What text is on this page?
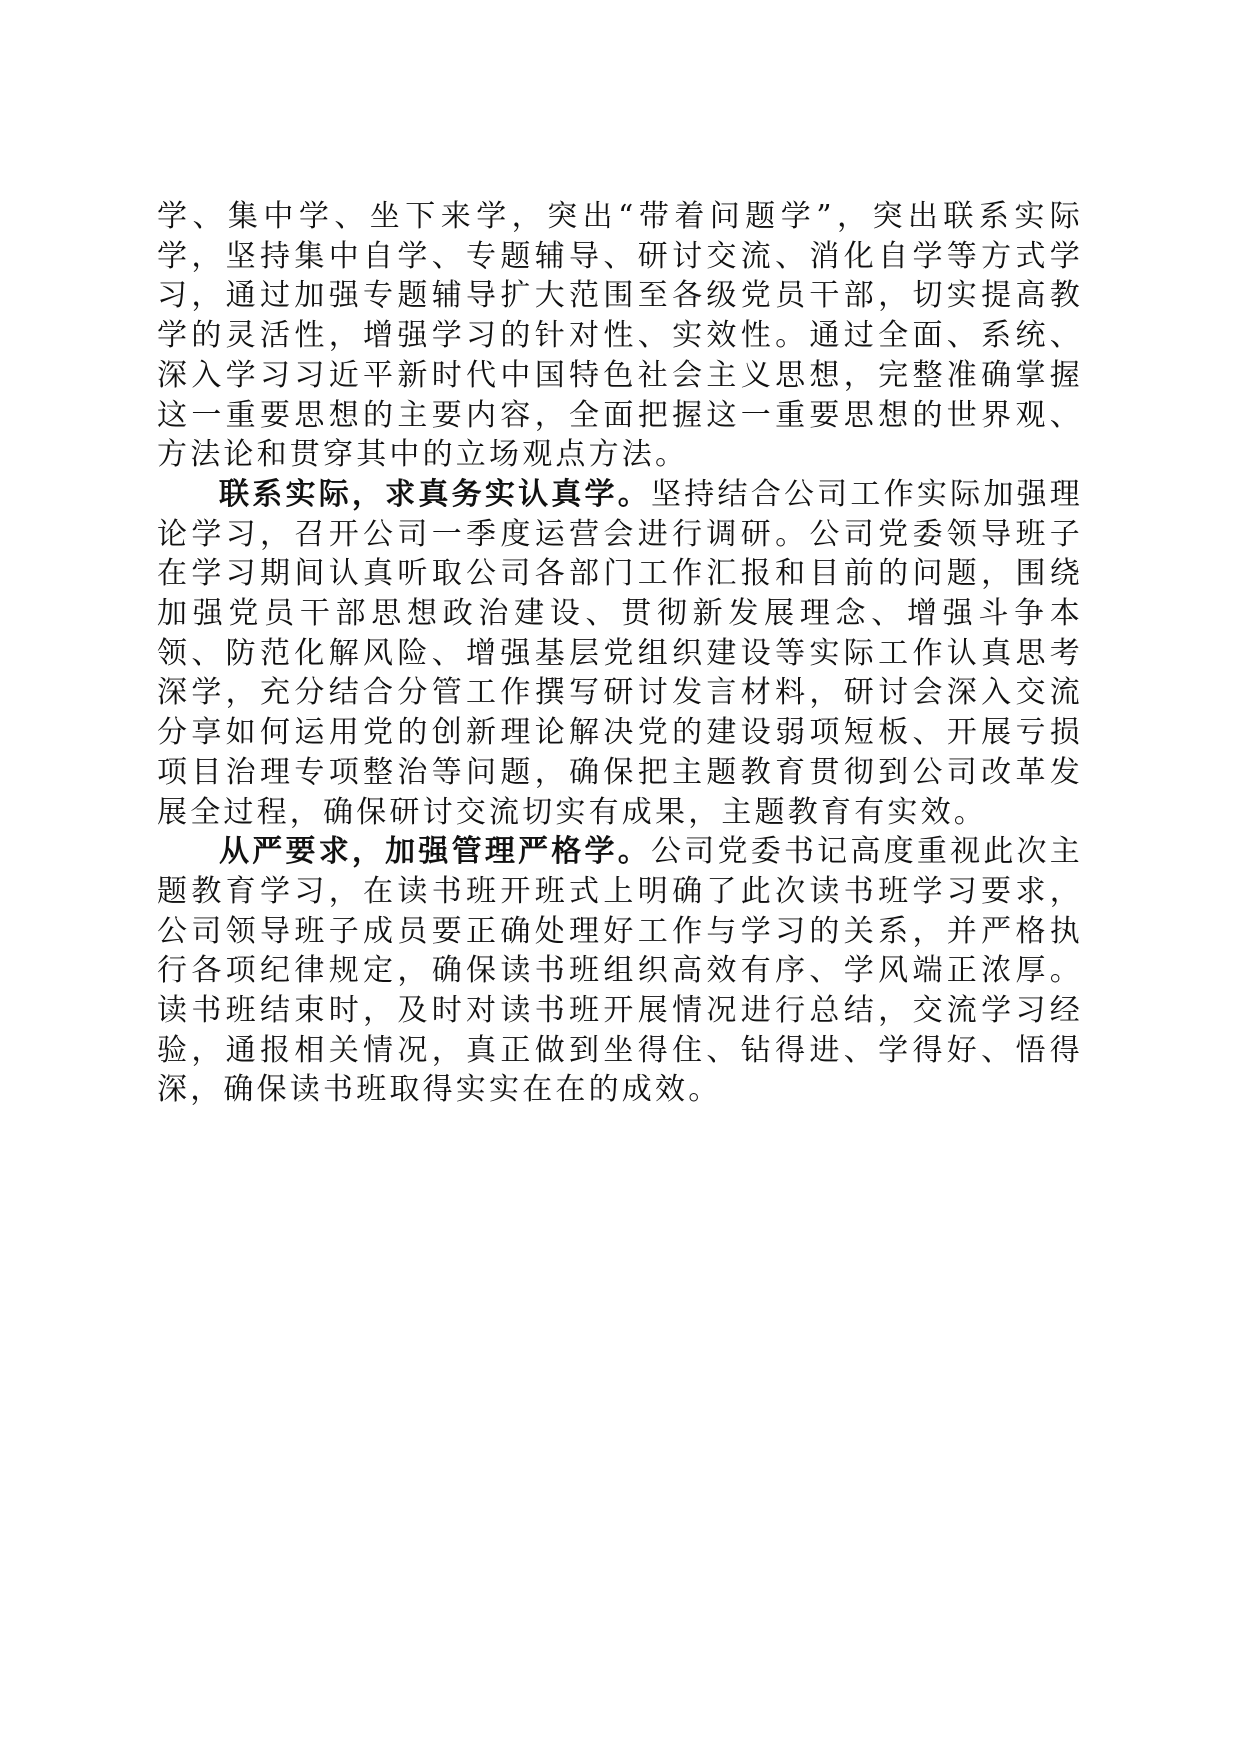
学、集中学、坐下来学，突出“带着问题学”，突出联系实际学，坚持集中自学、专题辅导、研讨交流、消化自学等方式学习，通过加强专题辅导扩大范围至各级党员干部，切实提高教学的灵活性，增强学习的针对性、实效性。通过全面、系统、深入学习习近平新时代中国特色社会主义思想，完整准确掌握这一重要思想的主要内容，全面把握这一重要思想的世界观、方法论和贯穿其中的立场观点方法。

联系实际，求真务实认真学。坚持结合公司工作实际加强理论学习，召开公司一季度运营会进行调研。公司党委领导班子在学习期间认真听取公司各部门工作汇报和目前的问题，围绕加强党员干部思想政治建设、贯彻新发展理念、增强斗争本领、防范化解风险、增强基层党组织建设等实际工作认真思考深学，充分结合分管工作撰写研讨发言材料，研讨会深入交流分享如何运用党的创新理论解决党的建设弱项短板、开展亏损项目治理专项整治等问题，确保把主题教育贯彻到公司改革发展全过程，确保研讨交流切实有成果，主题教育有实效。

从严要求，加强管理严格学。公司党委书记高度重视此次主题教育学习，在读书班开班式上明确了此次读书班学习要求，公司领导班子成员要正确处理好工作与学习的关系，并严格执行各项纪律规定，确保读书班组织高效有序、学风端正浓厚。读书班结束时，及时对读书班开展情况进行总结，交流学习经验，通报相关情况，真正做到坐得住、钻得进、学得好、悟得深，确保读书班取得实实在在的成效。
